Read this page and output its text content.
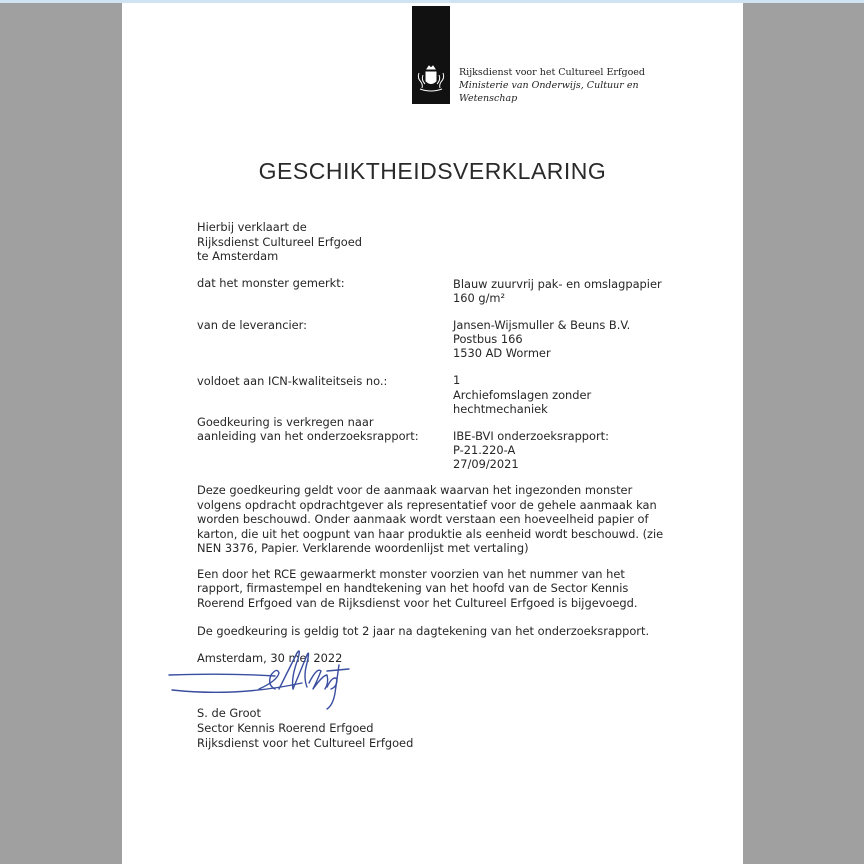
Rijksdienst voor het Cultureel Erfgoed
Ministerie van Onderwijs, Cultuur en
Wetenschap
GESCHIKTHEIDSVERKLARING
Hierbij verklaart de
Rijksdienst Cultureel Erfgoed
te Amsterdam
dat het monster gemerkt:	Blauw zuurvrij pak- en omslagpapier
160 g/m²
van de leverancier:	Jansen-Wijsmuller & Beuns B.V.
Postbus 166
1530 AD Wormer
voldoet aan ICN-kwaliteitseis no.:	1
Archiefomslagen zonder
hechtmechaniek
Goedkeuring is verkregen naar
aanleiding van het onderzoeksrapport:	IBE-BVI onderzoeksrapport:
P-21.220-A
27/09/2021
Deze goedkeuring geldt voor de aanmaak waarvan het ingezonden monster
volgens opdracht opdrachtgever als representatief voor de gehele aanmaak kan
worden beschouwd. Onder aanmaak wordt verstaan een hoeveelheid papier of
karton, die uit het oogpunt van haar produktie als eenheid wordt beschouwd. (zie
NEN 3376, Papier. Verklarende woordenlijst met vertaling)
Een door het RCE gewaarmerkt monster voorzien van het nummer van het
rapport, firmastempel en handtekening van het hoofd van de Sector Kennis
Roerend Erfgoed van de Rijksdienst voor het Cultureel Erfgoed is bijgevoegd.
De goedkeuring is geldig tot 2 jaar na dagtekening van het onderzoeksrapport.
Amsterdam, 30 mei 2022
S. de Groot
Sector Kennis Roerend Erfgoed
Rijksdienst voor het Cultureel Erfgoed
